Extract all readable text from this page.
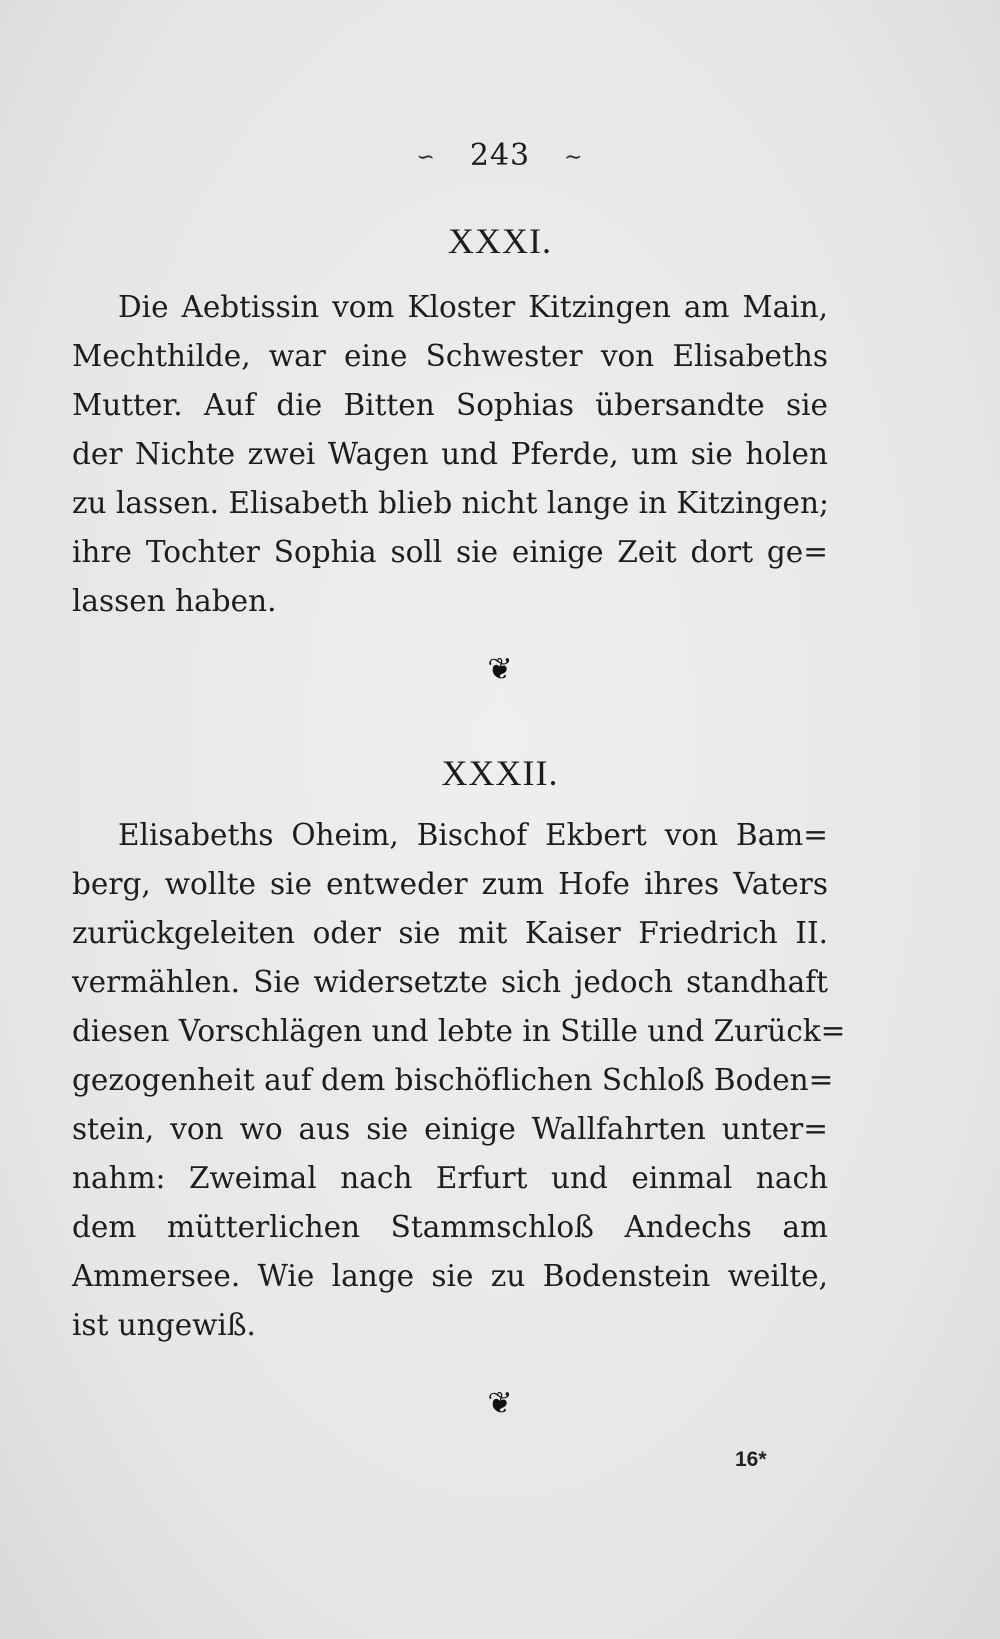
∽ 243 ∼
XXXI.
Die Aebtissin vom Kloster Kitzingen am Main,
Mechthilde, war eine Schwester von Elisabeths
Mutter. Auf die Bitten Sophias übersandte sie
der Nichte zwei Wagen und Pferde, um sie holen
zu lassen. Elisabeth blieb nicht lange in Kitzingen;
ihre Tochter Sophia soll sie einige Zeit dort ge=
lassen haben.
❦
XXXII.
Elisabeths Oheim, Bischof Ekbert von Bam=
berg, wollte sie entweder zum Hofe ihres Vaters
zurückgeleiten oder sie mit Kaiser Friedrich II.
vermählen. Sie widersetzte sich jedoch standhaft
diesen Vorschlägen und lebte in Stille und Zurück=
gezogenheit auf dem bischöflichen Schloß Boden=
stein, von wo aus sie einige Wallfahrten unter=
nahm: Zweimal nach Erfurt und einmal nach
dem mütterlichen Stammschloß Andechs am
Ammersee. Wie lange sie zu Bodenstein weilte,
ist ungewiß.
❦
16*
